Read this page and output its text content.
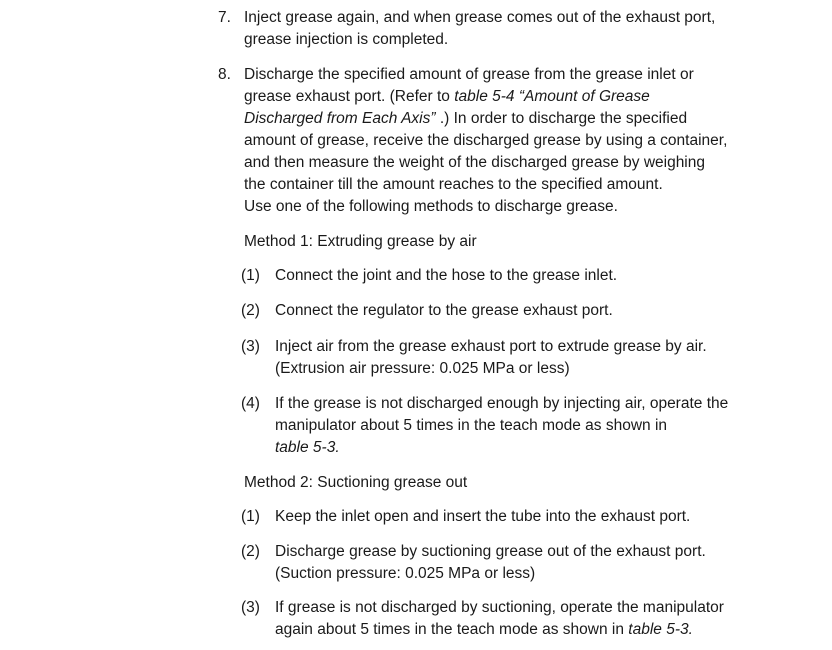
7. Inject grease again, and when grease comes out of the exhaust port,
grease injection is completed.
8. Discharge the specified amount of grease from the grease inlet or
grease exhaust port. (Refer to table 5-4 “Amount of Grease
Discharged from Each Axis” .) In order to discharge the specified
amount of grease, receive the discharged grease by using a container,
and then measure the weight of the discharged grease by weighing
the container till the amount reaches to the specified amount.
Use one of the following methods to discharge grease.
Method 1: Extruding grease by air
(1) Connect the joint and the hose to the grease inlet.
(2) Connect the regulator to the grease exhaust port.
(3) Inject air from the grease exhaust port to extrude grease by air.
(Extrusion air pressure: 0.025 MPa or less)
(4) If the grease is not discharged enough by injecting air, operate the
manipulator about 5 times in the teach mode as shown in
table 5-3.
Method 2: Suctioning grease out
(1) Keep the inlet open and insert the tube into the exhaust port.
(2) Discharge grease by suctioning grease out of the exhaust port.
(Suction pressure: 0.025 MPa or less)
(3) If grease is not discharged by suctioning, operate the manipulator
again about 5 times in the teach mode as shown in table 5-3.
